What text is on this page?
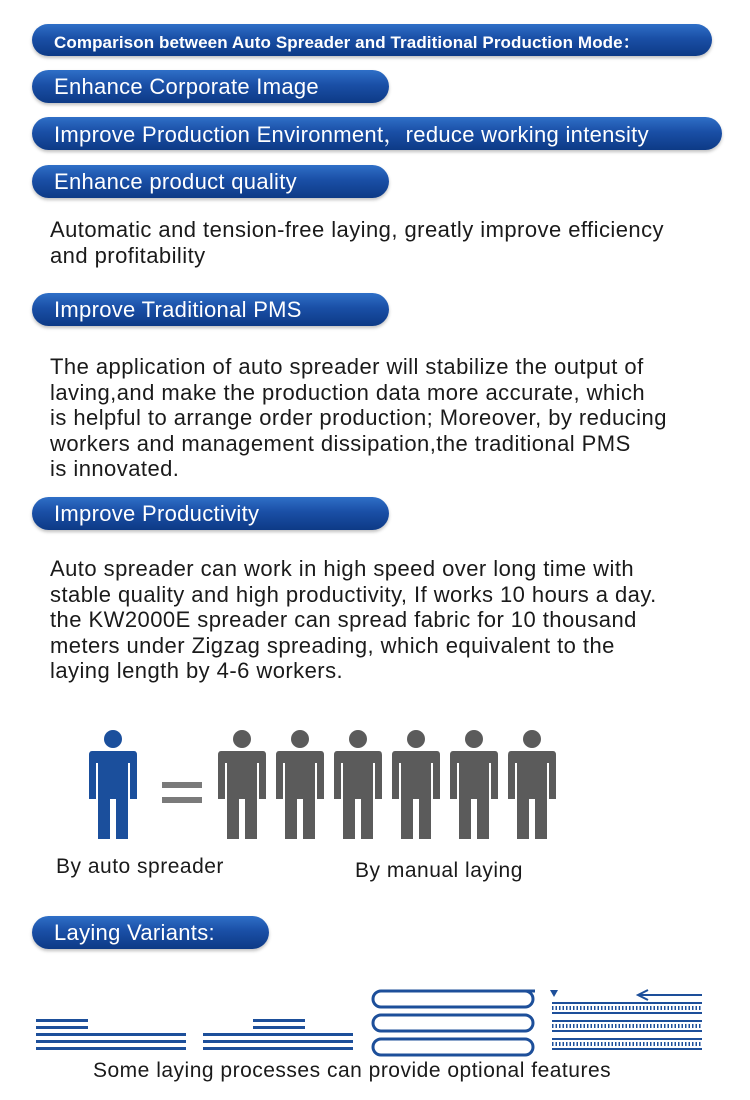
Comparison between Auto Spreader and Traditional Production Mode：
Enhance Corporate Image
Improve Production Environment，reduce working intensity
Enhance product quality

Automatic and tension-free laying, greatly improve efficiency
and profitability

Improve Traditional PMS

The application of auto spreader will stabilize the output of
laving,and make the production data more accurate, which
is helpful to arrange order production; Moreover, by reducing
workers and management dissipation,the traditional PMS
is innovated.

Improve Productivity

Auto spreader can work in high speed over long time with
stable quality and high productivity, If works 10 hours a day.
the KW2000E spreader can spread fabric for 10 thousand
meters under Zigzag spreading, which equivalent to the
laying length by 4-6 workers.

By auto spreader	By manual laying
Laying Variants:
Some laying processes can provide optional features
